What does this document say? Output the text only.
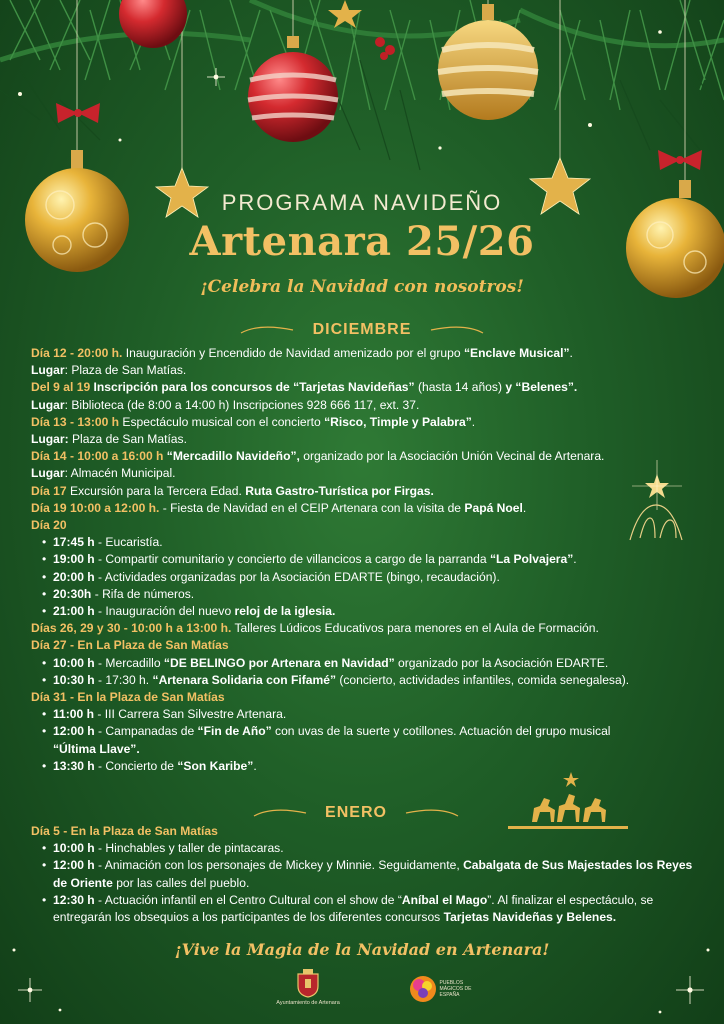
PROGRAMA NAVIDEÑO
Artenara 25/26
¡Celebra la Navidad con nosotros!
DICIEMBRE
Día 12 - 20:00 h. Inauguración y Encendido de Navidad amenizado por el grupo “Enclave Musical”.
Lugar: Plaza de San Matías.
Del 9 al 19 Inscripción para los concursos de “Tarjetas Navideñas” (hasta 14 años) y “Belenes”.
Lugar: Biblioteca (de 8:00 a 14:00 h) Inscripciones 928 666 117, ext. 37.
Día 13 - 13:00 h Espectáculo musical con el concierto “Risco, Timple y Palabra”.
Lugar: Plaza de San Matías.
Día 14 - 10:00 a 16:00 h “Mercadillo Navideño”, organizado por la Asociación Unión Vecinal de Artenara.
Lugar: Almacén Municipal.
Día 17 Excursión para la Tercera Edad. Ruta Gastro-Turística por Firgas.
Día 19 10:00 a 12:00 h. - Fiesta de Navidad en el CEIP Artenara con la visita de Papá Noel.
Día 20
• 17:45 h - Eucaristía.
• 19:00 h - Compartir comunitario y concierto de villancicos a cargo de la parranda “La Polvajera”.
• 20:00 h - Actividades organizadas por la Asociación EDARTE (bingo, recaudación).
• 20:30h - Rifa de números.
• 21:00 h - Inauguración del nuevo reloj de la iglesia.
Días 26, 29 y 30 - 10:00 h a 13:00 h. Talleres Lúdicos Educativos para menores en el Aula de Formación.
Día 27 - En La Plaza de San Matías
• 10:00 h - Mercadillo “DE BELINGO por Artenara en Navidad” organizado por la Asociación EDARTE.
• 10:30 h - 17:30 h. “Artenara Solidaria con Fifamé” (concierto, actividades infantiles, comida senegalesa).
Día 31 - En la Plaza de San Matías
• 11:00 h - III Carrera San Silvestre Artenara.
• 12:00 h - Campanadas de “Fin de Año” con uvas de la suerte y cotillones. Actuación del grupo musical
“Última Llave”.
• 13:30 h - Concierto de “Son Karibe”.
ENERO
Día 5 - En la Plaza de San Matías
• 10:00 h - Hinchables y taller de pintacaras.
• 12:00 h - Animación con los personajes de Mickey y Minnie. Seguidamente, Cabalgata de Sus Majestades los Reyes de Oriente por las calles del pueblo.
• 12:30 h - Actuación infantil en el Centro Cultural con el show de “Aníbal el Mago”. Al finalizar el espectáculo, se entregarán los obsequios a los participantes de los diferentes concursos Tarjetas Navideñas y Belenes.
¡Vive la Magia de la Navidad en Artenara!
Ayuntamiento de Artenara
PUEBLOS MÁGICOS DE ESPAÑA
